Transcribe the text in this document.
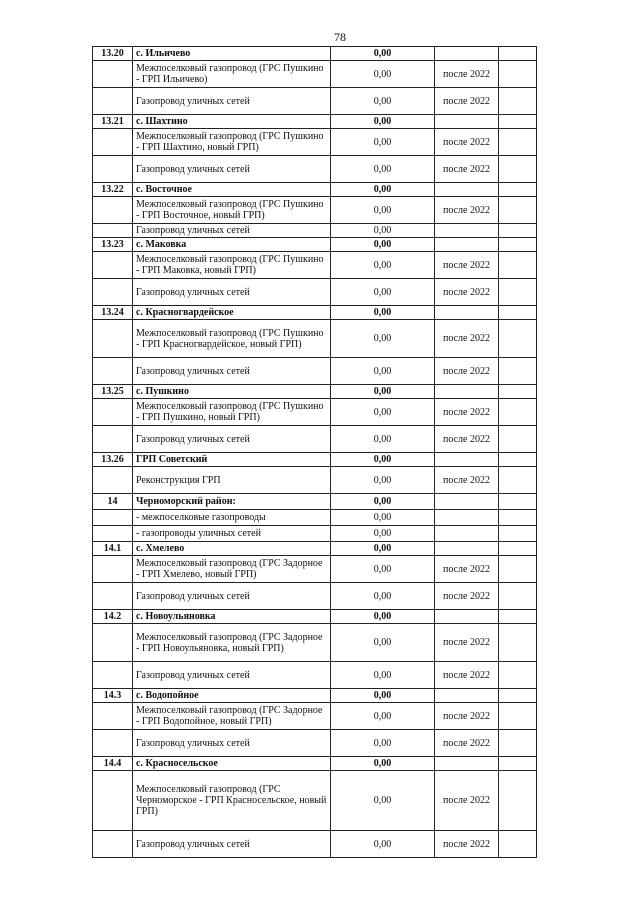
78
13.20	с. Ильичево	0,00		
	Межпоселковый газопровод (ГРС Пушкино - ГРП Ильичево)	0,00	после 2022	
	Газопровод уличных сетей	0,00	после 2022	
13.21	с. Шахтино	0,00		
	Межпоселковый газопровод (ГРС Пушкино - ГРП Шахтино, новый ГРП)	0,00	после 2022	
	Газопровод уличных сетей	0,00	после 2022	
13.22	с. Восточное	0,00		
	Межпоселковый газопровод (ГРС Пушкино - ГРП Восточное, новый ГРП)	0,00	после 2022	
	Газопровод уличных сетей	0,00		
13.23	с. Маковка	0,00		
	Межпоселковый газопровод (ГРС Пушкино - ГРП Маковка, новый ГРП)	0,00	после 2022	
	Газопровод уличных сетей	0,00	после 2022	
13.24	с. Красногвардейское	0,00		
	Межпоселковый газопровод (ГРС Пушкино - ГРП Красногвардейское, новый ГРП)	0,00	после 2022	
	Газопровод уличных сетей	0,00	после 2022	
13.25	с. Пушкино	0,00		
	Межпоселковый газопровод (ГРС Пушкино - ГРП Пушкино, новый ГРП)	0,00	после 2022	
	Газопровод уличных сетей	0,00	после 2022	
13.26	ГРП Советский	0,00		
	Реконструкция ГРП	0,00	после 2022	
14	Черноморский район:	0,00		
	- межпоселковые газопроводы	0,00		
	- газопроводы уличных сетей	0,00		
14.1	с. Хмелево	0,00		
	Межпоселковый газопровод (ГРС Задорное - ГРП Хмелево, новый ГРП)	0,00	после 2022	
	Газопровод уличных сетей	0,00	после 2022	
14.2	с. Новоульяновка	0,00		
	Межпоселковый газопровод (ГРС Задорное - ГРП Новоульяновка, новый ГРП)	0,00	после 2022	
	Газопровод уличных сетей	0,00	после 2022	
14.3	с. Водопойное	0,00		
	Межпоселковый газопровод (ГРС Задорное - ГРП Водопойное, новый ГРП)	0,00	после 2022	
	Газопровод уличных сетей	0,00	после 2022	
14.4	с. Красносельское	0,00		
	Межпоселковый газопровод (ГРС Черноморское - ГРП Красносельское, новый ГРП)	0,00	после 2022	
	Газопровод уличных сетей	0,00	после 2022	
